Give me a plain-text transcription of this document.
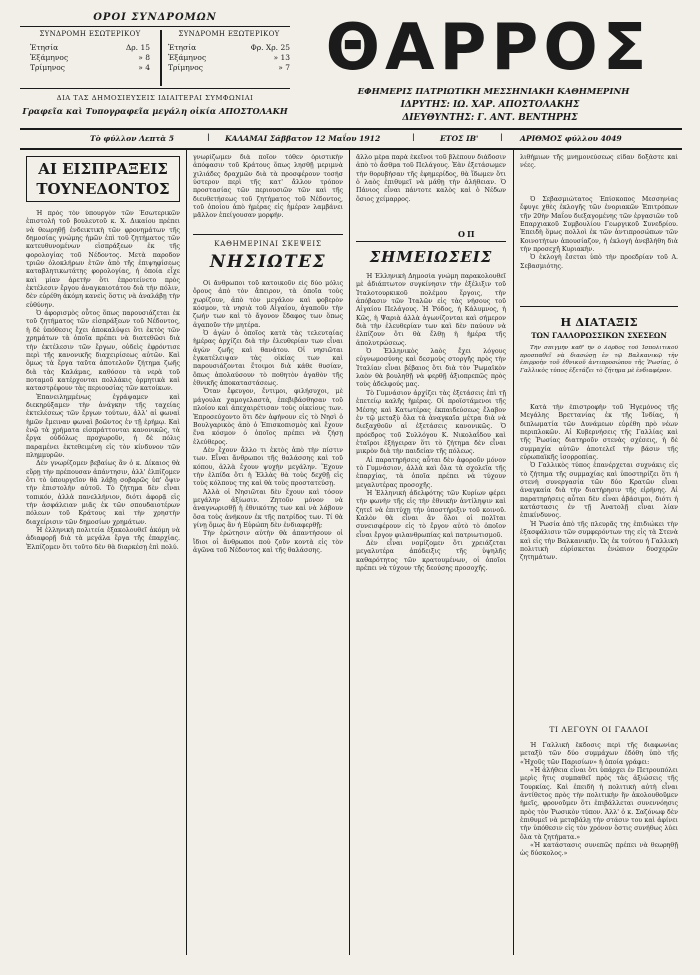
ΟΡΟΙ ΣΥΝΔΡΟΜΩΝ
ΣΥΝΔΡΟΜΗ ΕΣΩΤΕΡΙΚΟΥ
Ἐτησία	Δρ. 15
Ἑξάμηνος	» 8
Τρίμηνος	» 4
ΣΥΝΔΡΟΜΗ ΕΞΩΤΕΡΙΚΟΥ
Ἐτησία	Φρ. Χρ. 25
Ἑξάμηνος	» 13
Τρίμηνος	» 7
ΔΙΑ ΤΑΣ ΔΗΜΟΣΙΕΥΣΕΙΣ ΙΔΙΑΙΤΕΡΑΙ ΣΥΜΦΩΝΙΑΙ
Γραφεῖα καὶ Τυπογραφεῖα μεγάλη οἰκία ΑΠΟΣΤΟΛΑΚΗ
ΘΑΡΡΟΣ
ΕΦΗΜΕΡΙΣ ΠΑΤΡΙΩΤΙΚΗ ΜΕΣΣΗΝΙΑΚΗ ΚΑΘΗΜΕΡΙΝΗ
ΙΔΡΥΤΗΣ: ΙΩ. ΧΑΡ. ΑΠΟΣΤΟΛΑΚΗΣ
ΔΙΕΥΘΥΝΤΗΣ: Γ. ΑΝΤ. ΒΕΝΤΗΡΗΣ
Τὸ φύλλον Λεπτὰ 5	| ΚΑΛΑΜΑΙ Σάββατον 12 Μαΐου 1912	|	ΕΤΟΣ ΙΒ'	| ΑΡΙΘΜΟΣ φύλλου 4049
ΑΙ ΕΙΣΠΡΑΞΕΙΣ
ΤΟΥΝΕΔΟΝΤΟΣ

Ἡ πρὸς τὸν ὑπουργὸν τῶν Ἐσωτερικῶν ἐπιστολὴ τοῦ βουλευτοῦ κ. Χ. Δικαίου πρέπει νὰ θεωρηθῇ ἐνδεικτικὴ τῶν φρονημάτων τῆς δημοσίας γνώμης ἡμῶν ἐπὶ τοῦ ζητήματος τῶν κατευθυνομένων εἰσπράξεων ἐκ τῆς φορολογίας τοῦ Νέδοντος. Μετὰ παροδον τριῶν ὁλοκλήρων ἐτῶν ἀπὸ τῆς ἐπιψηφίσεως καταβλητικωτάτης φορολογίας, ἡ ὁποία εἶχε καὶ μίαν ἀρετὴν ὅτι ἐπροτείνετο πρὸς ἐκτέλεσιν ἔργου ἀναγκαιοτάτου διὰ τὴν πόλιν, δὲν εὑρέθη ἀκόμη κανεὶς ὅστις νὰ ἀναλάβῃ τὴν εὐθύνην.

Ὁ ἀφορισμὸς οὗτος ὅπως παρουσιάζεται ἐκ τοῦ ζητήματος τῶν εἰσπράξεων τοῦ Νέδοντος, ἡ δὲ ὑπόθεσις ἔχει ἀποκαλύψει ὅτι ἐκτὸς τῶν χρημάτων τὰ ὁποῖα πρέπει νὰ διατεθῶσι διὰ τὴν ἐκτέλεσιν τῶν ἔργων, οὐδεὶς ἐφρόντισε περὶ τῆς κανονικῆς διαχειρίσεως αὐτῶν. Καὶ ὅμως τὰ ἔργα ταῦτα ἀποτελοῦν ζήτημα ζωῆς διὰ τὰς Καλάμας, καθόσον τὰ νερὰ τοῦ ποταμοῦ κατέρχονται πολλάκις ὁρμητικὰ καὶ καταστρέφουν τὰς περιουσίας τῶν κατοίκων.

Ἐπανειλημμένως ἐγράψαμεν καὶ διεκηρύξαμεν τὴν ἀνάγκην τῆς ταχείας ἐκτελέσεως τῶν ἔργων τούτων, ἀλλ' αἱ φωναὶ ἡμῶν ἔμειναν φωναὶ βοῶντος ἐν τῇ ἐρήμῳ. Καὶ ἐνῷ τὰ χρήματα εἰσπράττονται κανονικῶς, τὰ ἔργα οὐδόλως προχωροῦν, ἡ δὲ πόλις παραμένει ἐκτεθειμένη εἰς τὸν κίνδυνον τῶν πλημμυρῶν.

Δὲν γνωρίζομεν βεβαίως ἂν ὁ κ. Δίκαιος θὰ εὕρῃ τὴν πρέπουσαν ἀπάντησιν, ἀλλ' ἐλπίζομεν ὅτι τὸ ὑπουργεῖον θὰ λάβῃ σοβαρῶς ὑπ' ὄψιν τὴν ἐπιστολὴν αὐτοῦ. Τὸ ζήτημα δὲν εἶναι τοπικόν, ἀλλὰ πανελλήνιον, διότι ἀφορᾷ εἰς τὴν ἀσφάλειαν μιᾶς ἐκ τῶν σπουδαιοτέρων πόλεων τοῦ Κράτους καὶ τὴν χρηστὴν διαχείρισιν τῶν δημοσίων χρημάτων.

Ἡ ἑλληνικὴ πολιτεία ἐξακολουθεῖ ἀκόμη νὰ ἀδιαφορῇ διὰ τὰ μεγάλα ἔργα τῆς ἐπαρχίας. Ἐλπίζομεν ὅτι τοῦτο δὲν θὰ διαρκέσῃ ἐπὶ πολύ.

γνωρίζωμεν διὰ ποῖον τόθεν ὁριστικὴν ἀπόφασιν τοῦ Κράτους ὅπως λησθῇ μεριμνὰ χιλιάδες δραχμῶν διὰ τὰ προσφέρουν τοσήσ ύστερον περὶ τῆς κατ' ἄλλον τρόπον προστασίας τῶν περιουσιῶν τῶν καὶ τῆς διευθετήσεως τοῦ ζητήματος τοῦ Νέδοντος, τοῦ ὁποίου ἀπὸ ἡμέρας εἰς ἡμέραν λαμβάνει μᾶλλον ἐπείγουσαν μορφήν.

ΚΑΘΗΜΕΡΙΝΑΙ ΣΚΕΨΕΙΣ
ΝΗΣΙΩΤΕΣ

Οἱ ἄνθρωποι τοῦ κατοικοῦν εἰς δύο μόλις ὄρους ἀπὸ τὸν ἄπειρον, τὰ ὁποῖα τοὺς χωρίζουν, ἀπὸ τὸν μεγάλον καὶ φοβερὸν κόσμον, τὰ νησιὰ τοῦ Αἰγαίου, ἀγαποῦν τὴν ζωήν των καὶ τὸ ἄγονον ἔδαφος των ὅπως ἀγαποῦν τὴν μητέρα.

Ὁ ἀγὼν ὁ ὁποῖος κατὰ τὰς τελευταίας ἡμέρας ἀρχίζει διὰ τὴν ἐλευθερίαν των εἶναι ἀγὼν ζωῆς καὶ θανάτου. Οἱ νησιῶται ἐγκατέλειψαν τὰς οἰκίας των καὶ παρουσιάζονται ἕτοιμοι διὰ κάθε θυσίαν, ὅπως ἀπολαύσουν τὸ ποθητὸν ἀγαθὸν τῆς ἐθνικῆς ἀποκαταστάσεως.

Ὅταν ἔφευγον, ἔντιμοι, φιλήσυχοι, μὲ μάγουλα χαμογελαστὰ, ἐπεβιβάσθησαν τοῦ πλοίου καὶ ἀπεχαιρέτισαν τοὺς οἰκείους των. Ἐπροσεύχοντο ὅτι δὲν ἀφήνουν εἰς τὸ Νησὶ ὁ Βουλγαρικὸς ἀπὸ ὁ Ἐπισκοπισμὸς καὶ ἔχουν ἕνα κόσμον ὁ ὁποῖος πρέπει νὰ ζήσῃ ἐλεύθερος.

Δὲν ἔχουν ἄλλο τι ἐκτὸς ἀπὸ τὴν πίστιν των. Εἶναι ἄνθρωποι τῆς θαλάσσης καὶ τοῦ κόπου, ἀλλὰ ἔχουν ψυχὴν μεγάλην. Ἔχουν τὴν ἐλπίδα ὅτι ἡ Ἑλλὰς θὰ τοὺς δεχθῇ εἰς τοὺς κόλπους της καὶ θὰ τοὺς προστατεύσῃ.

Ἀλλὰ οἱ Νησιῶται δὲν ἔχουν καὶ τόσον μεγάλην ἀξίωσιν. Ζητοῦν μόνον νὰ ἀναγνωρισθῇ ἡ ἐθνικότης των καὶ νὰ λάβουν ὅσα τοὺς ἀνήκουν ἐκ τῆς πατρίδος των. Τί θὰ γίνῃ ὅμως ἂν ἡ Εὐρώπη δὲν ἐνδιαφερθῇ;

Τὴν ἐρώτησιν αὐτὴν θὰ ἀπαντήσουν οἱ ἴδιοι οἱ ἄνθρωποι ποὺ ζοῦν κοντὰ εἰς τὸν ἀγῶνα τοῦ Νέδοντος καὶ τῆς θαλάσσης.

ἄλλο μέρα παρὰ ἐκεῖνοι τοῦ βλέπουν διάδοσιν ἀπὸ τὸ ἄσθμα τοῦ Πελάγους. Ἐὰν ἐξετάσωμεν τὴν θορυβήσαν τῆς ἐφημερίδος, θὰ ἴδωμεν ὅτι ὁ λαὸς ἐπιθυμεῖ νὰ μάθῃ τὴν ἀλήθειαν. Ὁ Πάνιος εἶναι πάντοτε καλὸς καὶ ὁ Νέδων ὅσιος χείμαρρος.

ΟΠ
ΣΗΜΕΙΩΣΕΙΣ

Ἡ Ἑλληνικὴ Δημοσία γνώμη παρακολουθεῖ μὲ ἀδιάπτωτον συγκίνησιν τὴν ἐξέλιξιν τοῦ Ἰταλοτουρκικοῦ πολέμου ἔργοις, τὴν ἀπόβασιν τῶν Ἰταλῶν εἰς τὰς νήσους τοῦ Αἰγαίου Πελάγους. Ἡ Ῥόδος, ἡ Κάλυμνος, ἡ Κῶς, ἡ Ψαριὰ ἀλλὰ ἀγωνίζονται καὶ σήμερον διὰ τὴν ἐλευθερίαν των καὶ δὲν παύουν νὰ ἐλπίζουν ὅτι θὰ ἔλθῃ ἡ ἡμέρα τῆς ἀπολυτρώσεως.

Ὁ Ἑλληνικὸς λαὸς ἔχει λόγους εὐγνωμοσύνης καὶ δεσμοὺς στοργῆς πρὸς τὴν Ἰταλίαν εἶναι βέβαιος ὅτι διὰ τὸν Ῥωμαϊκὸν λαὸν θὰ βουληθῇ νὰ φερθῇ ἀξιοπρεπῶς πρὸς τοὺς ἀδελφούς μας.

Τὸ Γυμνάσιον ἀρχίζει τὰς ἐξετάσεις ἐπὶ τῇ ἐπετείῳ καλῆς ἡμέρας. Οἱ προϊστάμενοι τῆς Μέσης καὶ Κατωτέρας ἐκπαιδεύσεως ἔλαβον ἐν τῷ μεταξὺ ὅλα τὰ ἀναγκαῖα μέτρα διὰ νὰ διεξαχθοῦν αἱ ἐξετάσεις κανονικῶς. Ὁ πρόεδρος τοῦ Συλλόγου Κ. Νικολαΐδου καὶ ἑταῖροι ἐξήγειραν ὅτι τὸ ζήτημα δὲν εἶναι μικρὸν διὰ τὴν παιδείαν τῆς πόλεως.

Αἱ παρατηρήσεις αὗται δὲν ἀφοροῦν μόνον τὸ Γυμνάσιον, ἀλλὰ καὶ ὅλα τὰ σχολεῖα τῆς ἐπαρχίας, τὰ ὁποῖα πρέπει νὰ τύχουν μεγαλυτέρας προσοχῆς.

Ἡ Ἑλληνικὴ ἀδελφότης τῶν Κυρίων φέρει τὴν φωνὴν τῆς εἰς τὴν ἐθνικὴν ἀντίληψιν καὶ ζητεῖ νὰ ἐπιτύχῃ τὴν ὑποστήριξιν τοῦ κοινοῦ. Καλὸν θὰ εἶναι ἂν ὅλοι οἱ πολῖται συνεισφέρουν εἰς τὸ ἔργον αὐτὸ τὸ ὁποῖον εἶναι ἔργον φιλανθρωπίας καὶ πατριωτισμοῦ.

Δὲν εἶναι νομίζομεν ὅτι χρειάζεται μεγαλυτέρα ἀπόδειξις τῆς ὑψηλῆς καθαρότητος τῶν κρατουμένων, οἱ ὁποῖοι πρέπει νὰ τύχουν τῆς δεούσης προσοχῆς.

λιθήμιων τῆς μνημονεύσεως εἶδαν δοξάστε καὶ νέες.

Ὁ Σεβασμιώτατος Ἐπίσκοπος Μεσσηνίας ἔφυγε χθὲς ἐκλογῆς τῶν ἐνοριακῶν Ἐπιτρόπων τῆν 20ὴν Μαΐου διεξαγομένης τῶν ἐργασιῶν τοῦ Επαρχιακοῦ Συμβουλίου Γεωργικοῦ Συνεδρίου. Ἐπειδὴ ὅμως πολλοὶ ἐκ τῶν ἀντιπροσώπων τῶν Κοινοτήτων ἀπουσίαζον, ἡ ἐκλογὴ ἀνεβλήθη διὰ τὴν προσεχῆ Κυριακὴν.

Ὁ ἐκλογὴ ἔσεται ὑπὸ τὴν προεδρίαν τοῦ Α. Σεβασμιότης.

Η ΔΙΑΤΑΞΙΣ
ΤΩΝ ΓΑΛΛΟΡΩΣΣΙΚΩΝ ΣΧΕΣΕΩΝ

Τὴν σπιγμὴν καθ' ἣν ὁ λόρδος τοῦ Ἰσπολιτικοῦ προσπαθεῖ νὰ διασώσῃ ἐν τῷ Βαλκανικῷ τὴν ἐπιρροὴν τοῦ ἐθνικοῦ ἀντιπροσώπου τῆς Ῥωσίας, ὁ Γαλλικὸς τύπος ἐξετάζει τὸ ζήτημα μὲ ἐνδιαφέρον.

Κατὰ τὴν ἐπιστροφὴν τοῦ Ἠγεμόνος τῆς Μεγάλης Βρεττανίας ἐκ τῆς Ἰνδίας, ἡ διπλωματία τῶν Δυνάμεων εὑρέθη πρὸ νέων περιπλοκῶν. Αἱ Κυβερνήσεις τῆς Γαλλίας καὶ τῆς Ῥωσίας διατηροῦν στενὰς σχέσεις, ἡ δὲ συμμαχία αὐτῶν ἀποτελεῖ τὴν βάσιν τῆς εὐρωπαϊκῆς ἰσορροπίας.

Ὁ Γαλλικὸς τύπος ἐπανέρχεται συχνάκις εἰς τὸ ζήτημα τῆς συμμαχίας καὶ ὑποστηρίζει ὅτι ἡ στενὴ συνεργασία τῶν δύο Κρατῶν εἶναι ἀναγκαία διὰ τὴν διατήρησιν τῆς εἰρήνης. Αἱ παρατηρήσεις αὗται δὲν εἶναι ἀβάσιμοι, διότι ἡ κατάστασις ἐν τῇ Ἀνατολῇ εἶναι λίαν ἐπικίνδυνος.

Ἡ Ῥωσία ἀπὸ τῆς πλευρᾶς της ἐπιδιώκει τὴν ἐξασφάλισιν τῶν συμφερόντων της εἰς τὰ Στενὰ καὶ εἰς τὴν Βαλκανικήν. Ὡς ἐκ τούτου ἡ Γαλλικὴ πολιτικὴ εὑρίσκεται ἐνώπιον δυσχερῶν ζητημάτων.

ΤΙ ΛΕΓΟΥΝ ΟΙ ΓΑΛΛΟΙ

Ἡ Γαλλικὴ ἔκδοσις περὶ τῆς διαφωνίας μεταξὺ τῶν δύο συμμάχων ἐδόθη ὑπὸ τῆς «Ἡχοῦς τῶν Παρισίων» ἡ ὁποία γράφει:

«Ἡ ἀλήθεια εἶναι ὅτι ὑπάρχει ἐν Πετρουπόλει μερὶς ἣτις συμπαθεῖ πρὸς τὰς ἀξιώσεις τῆς Τουρκίας. Καὶ ἐπειδὴ ἡ πολιτικὴ αὐτὴ εἶναι ἀντίθετος πρὸς τὴν πολιτικὴν ἣν ἀκολουθοῦμεν ἡμεῖς, φρονοῦμεν ὅτι ἐπιβάλλεται συνεννόησις πρὸς τὸν Ῥωσικὸν τύπον. Ἀλλ' ὁ κ. Σαζόνωφ δὲν ἐπιθυμεῖ νὰ μεταβάλῃ τὴν στάσιν του καὶ ἀφίνει τὴν ὑπόθεσιν εἰς τὸν χρόνον ὅστις συνήθως λύει ὅλα τὰ ζητήματα.»

«Ἡ κατάστασις συνεπῶς πρέπει νὰ θεωρηθῇ ὡς δύσκολος.»
